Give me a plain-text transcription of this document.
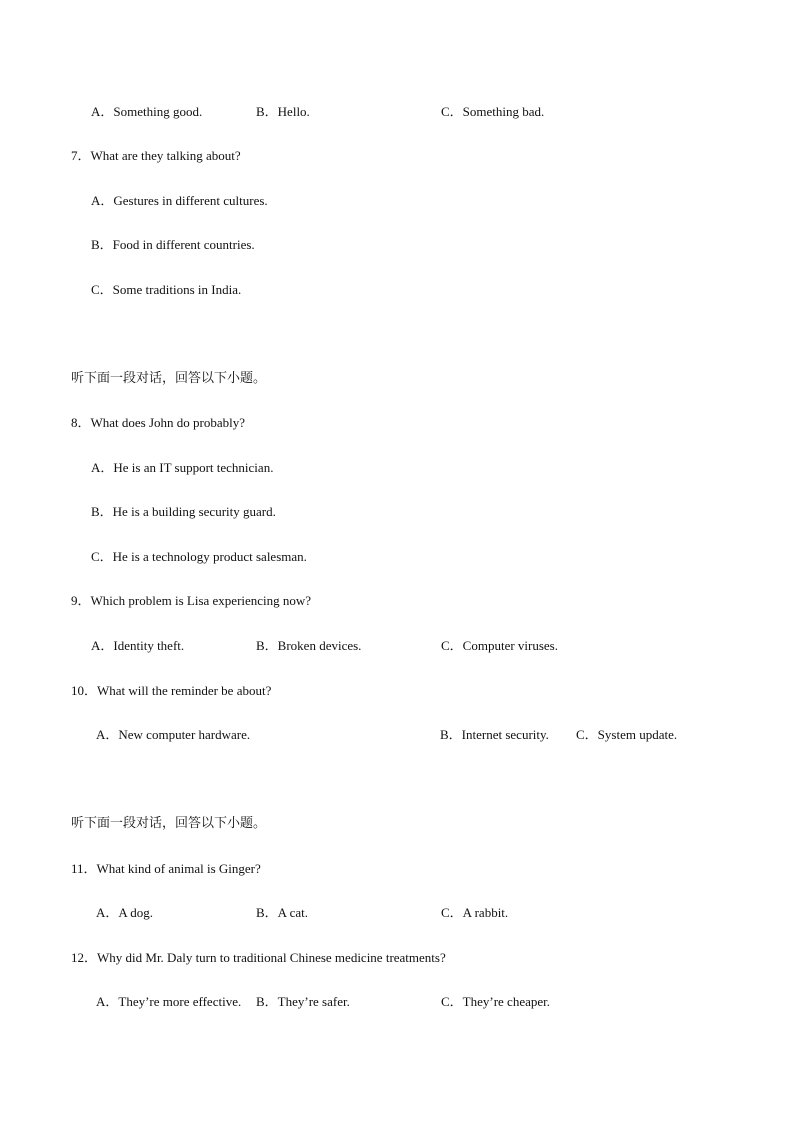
A．Something good.	B．Hello.	C．Something bad.
7．What are they talking about?
A．Gestures in different cultures.
B．Food in different countries.
C．Some traditions in India.
听下面一段对话，回答以下小题。
8．What does John do probably?
A．He is an IT support technician.
B．He is a building security guard.
C．He is a technology product salesman.
9．Which problem is Lisa experiencing now?
A．Identity theft.	B．Broken devices.	C．Computer viruses.
10．What will the reminder be about?
A．New computer hardware.	B．Internet security. C．System update.
听下面一段对话，回答以下小题。
11．What kind of animal is Ginger?
A．A dog.	B．A cat.	C．A rabbit.
12．Why did Mr. Daly turn to traditional Chinese medicine treatments?
A．They’re more effective. B．They’re safer.	C．They’re cheaper.
